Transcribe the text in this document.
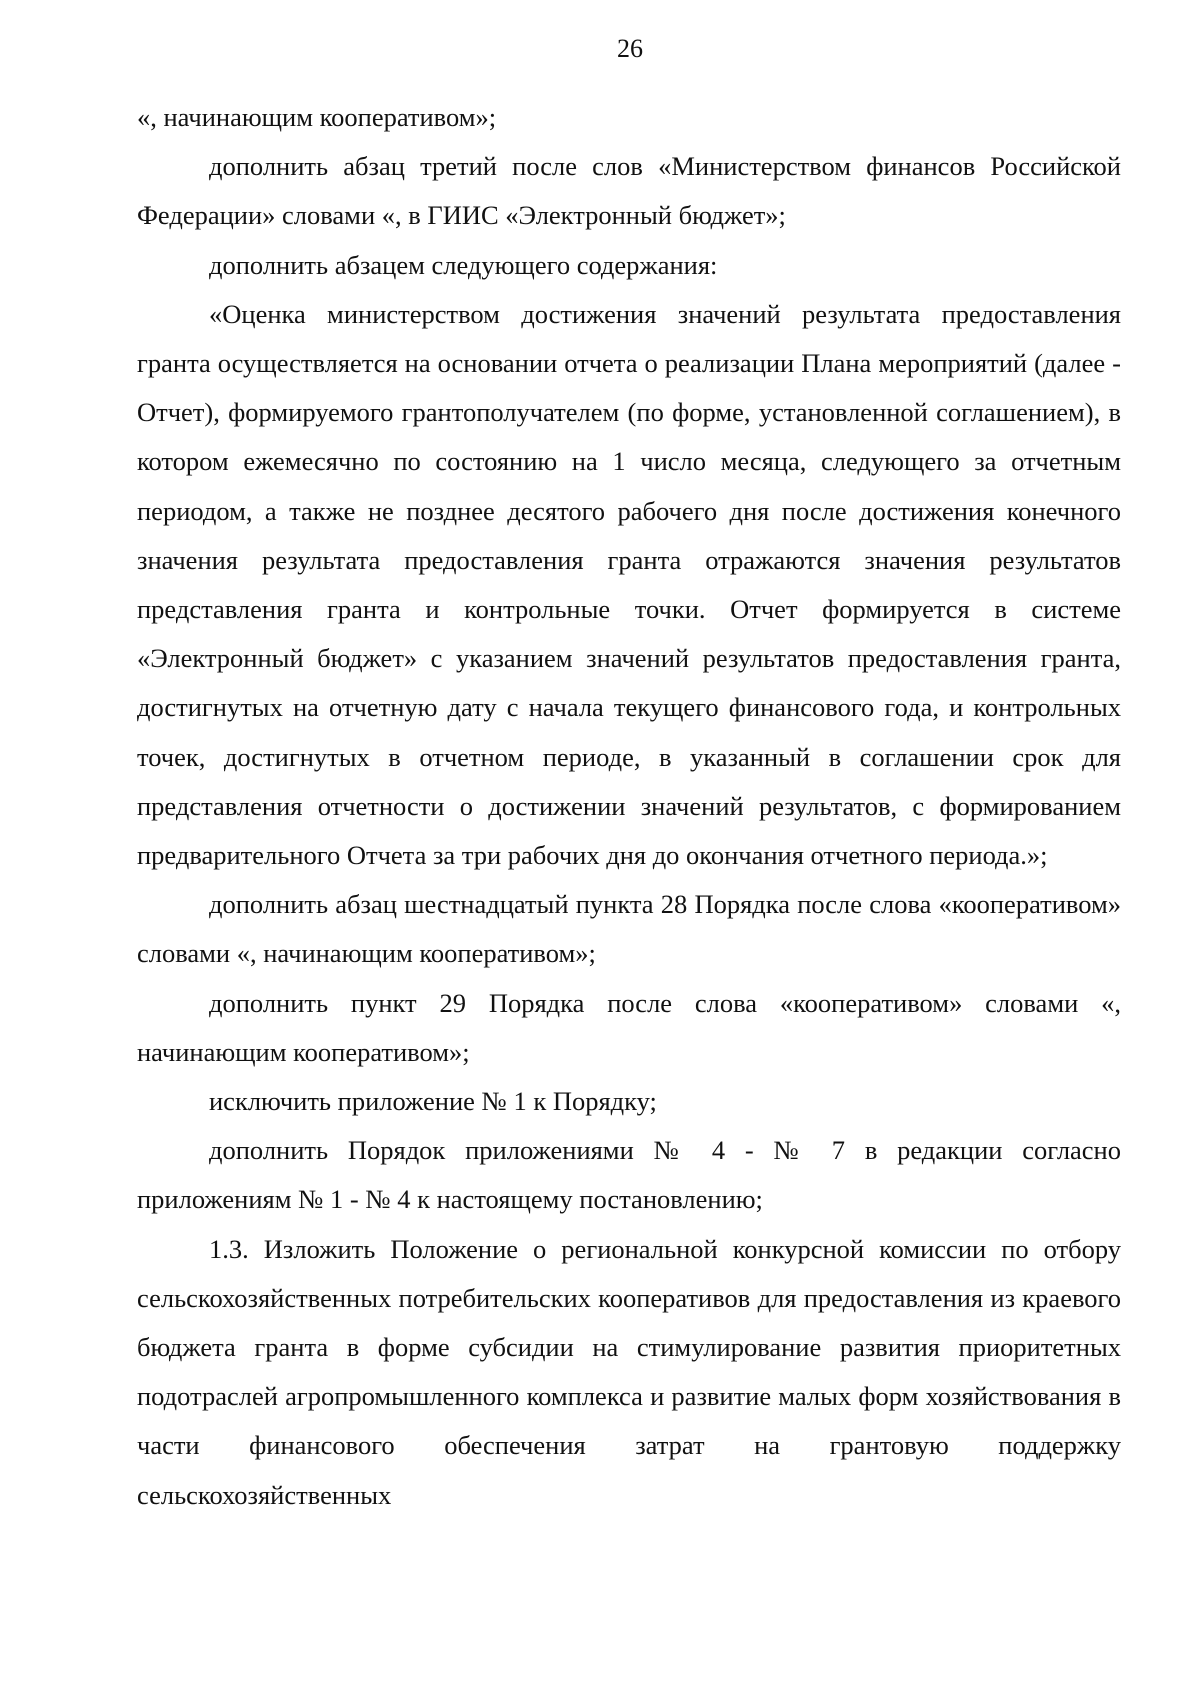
26

«, начинающим кооперативом»;

дополнить абзац третий после слов «Министерством финансов Российской Федерации» словами «, в ГИИС «Электронный бюджет»;

дополнить абзацем следующего содержания:

«Оценка министерством достижения значений результата предоставления гранта осуществляется на основании отчета о реализации Плана мероприятий (далее - Отчет), формируемого грантополучателем (по форме, установленной соглашением), в котором ежемесячно по состоянию на 1 число месяца, следующего за отчетным периодом, а также не позднее десятого рабочего дня после достижения конечного значения результата предоставления гранта отражаются значения результатов представления гранта и контрольные точки. Отчет формируется в системе «Электронный бюджет» с указанием значений результатов предоставления гранта, достигнутых на отчетную дату с начала текущего финансового года, и контрольных точек, достигнутых в отчетном периоде, в указанный в соглашении срок для представления отчетности о достижении значений результатов, с формированием предварительного Отчета за три рабочих дня до окончания отчетного периода.»;

дополнить абзац шестнадцатый пункта 28 Порядка после слова «кооперативом» словами «, начинающим кооперативом»;

дополнить пункт 29 Порядка после слова «кооперативом» словами «, начинающим кооперативом»;

исключить приложение № 1 к Порядку;

дополнить Порядок приложениями № 4 - № 7 в редакции согласно приложениям № 1 - № 4 к настоящему постановлению;

1.3. Изложить Положение о региональной конкурсной комиссии по отбору сельскохозяйственных потребительских кооперативов для предоставления из краевого бюджета гранта в форме субсидии на стимулирование развития приоритетных подотраслей агропромышленного комплекса и развитие малых форм хозяйствования в части финансового обеспечения затрат на грантовую поддержку сельскохозяйственных
